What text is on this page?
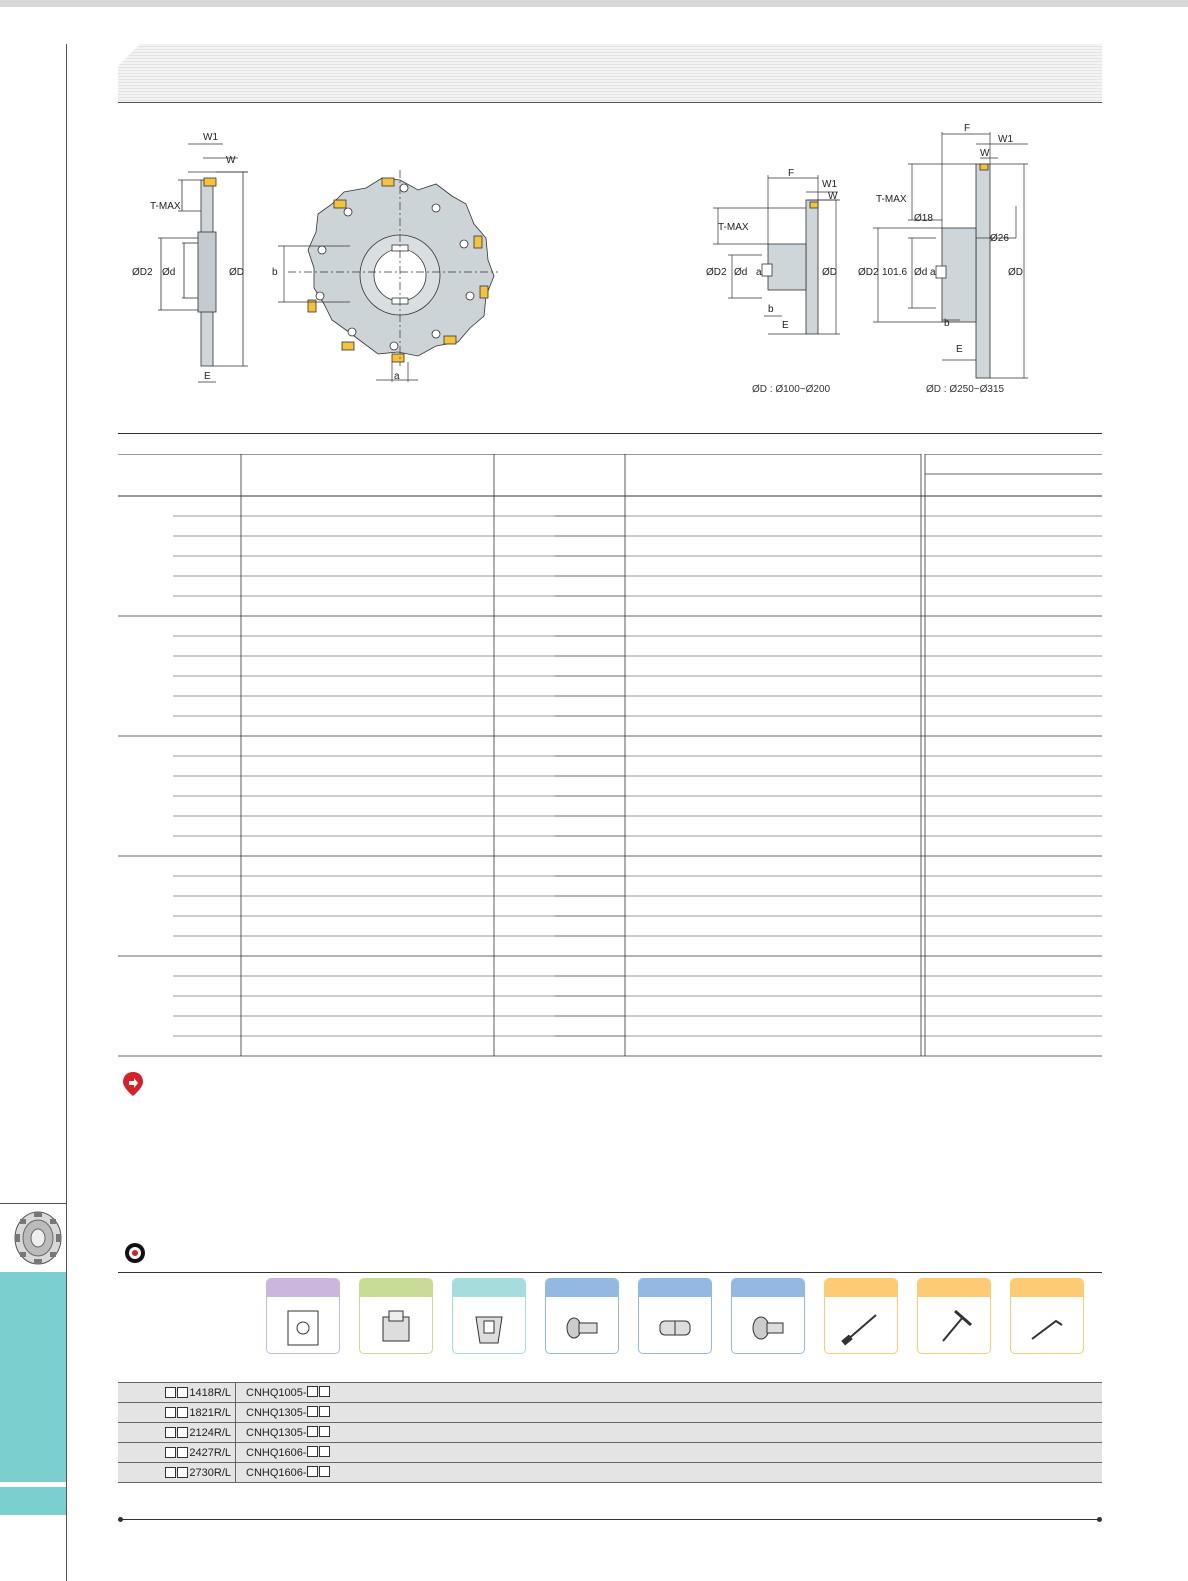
W1
W
T-MAX
ØD2 Ød	ØD
E
b
a
F
W1
W
T-MAX
ØD2 Ød a	ØD
b
E
ØD : Ø100~Ø200
F
W1
W
T-MAX
Ø18
Ø26
ØD2 101.6 Ød a	ØD
b
E
ØD : Ø250~Ø315
1418R/L	CNHQ1005-
1821R/L	CNHQ1305-
2124R/L	CNHQ1305-
2427R/L	CNHQ1606-
2730R/L	CNHQ1606-
